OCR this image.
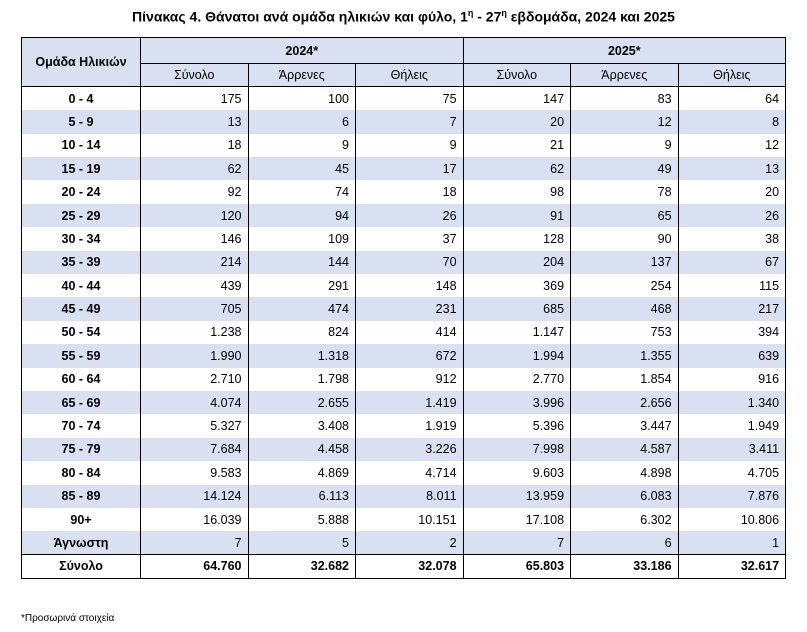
Πίνακας 4. Θάνατοι ανά ομάδα ηλικιών και φύλο, $1^\eta - 27^\eta$ εβδομάδα, 2024 και 2025
Ομάδα Ηλικιών	2024*			2025*		
	Σύνολο	Άρρενες	Θήλεις	Σύνολο	Άρρενες	Θήλεις
0 - 4	175	100	75	147	83	64
5 - 9	13	6	7	20	12	8
10 - 14	18	9	9	21	9	12
15 - 19	62	45	17	62	49	13
20 - 24	92	74	18	98	78	20
25 - 29	120	94	26	91	65	26
30 - 34	146	109	37	128	90	38
35 - 39	214	144	70	204	137	67
40 - 44	439	291	148	369	254	115
45 - 49	705	474	231	685	468	217
50 - 54	1.238	824	414	1.147	753	394
55 - 59	1.990	1.318	672	1.994	1.355	639
60 - 64	2.710	1.798	912	2.770	1.854	916
65 - 69	4.074	2.655	1.419	3.996	2.656	1.340
70 - 74	5.327	3.408	1.919	5.396	3.447	1.949
75 - 79	7.684	4.458	3.226	7.998	4.587	3.411
80 - 84	9.583	4.869	4.714	9.603	4.898	4.705
85 - 89	14.124	6.113	8.011	13.959	6.083	7.876
90+	16.039	5.888	10.151	17.108	6.302	10.806
Άγνωστη	7	5	2	7	6	1
Σύνολο	64.760	32.682	32.078	65.803	33.186	32.617
*Προσωρινά στοιχεία
